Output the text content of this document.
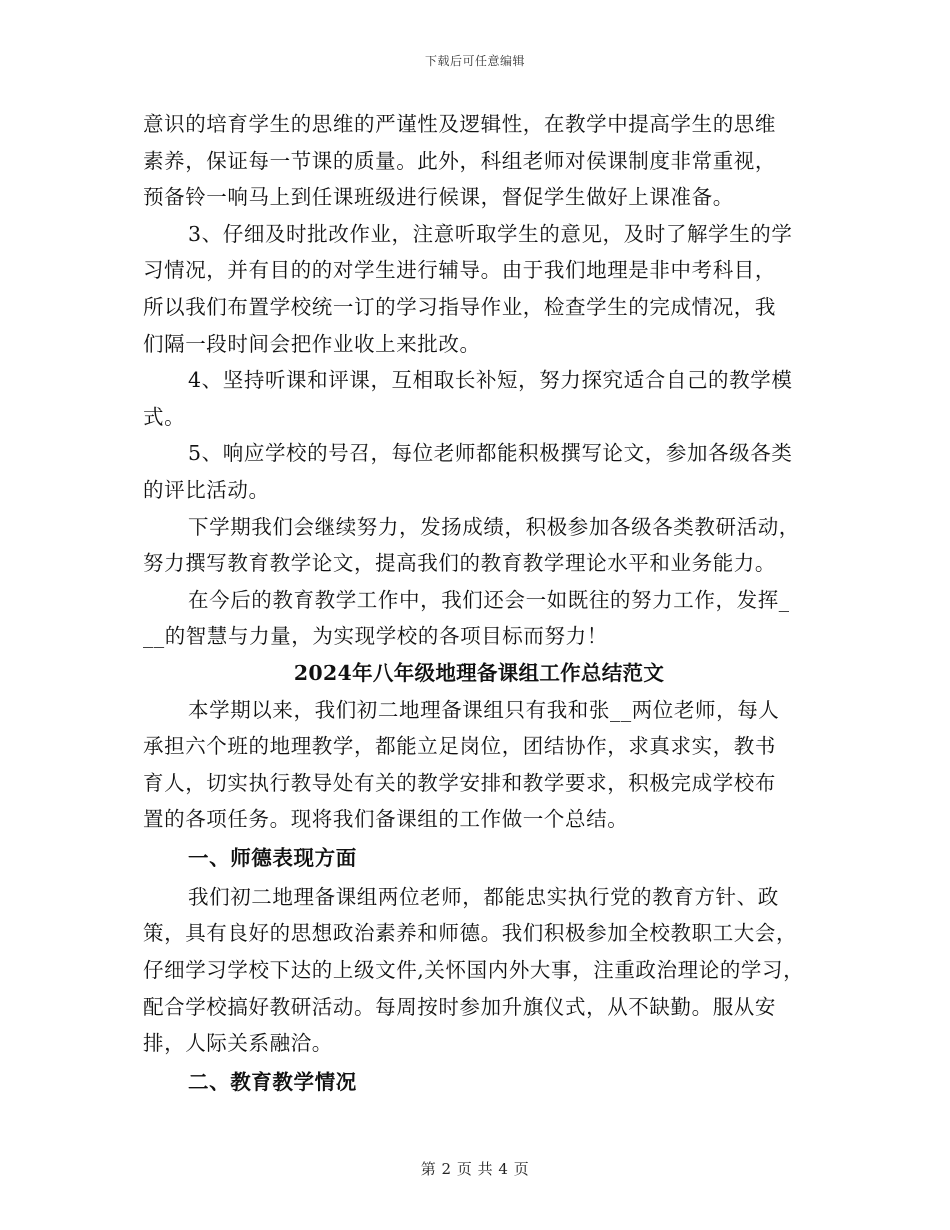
下载后可任意编辑
意识的培育学生的思维的严谨性及逻辑性，在教学中提高学生的思维
素养，保证每一节课的质量。此外，科组老师对侯课制度非常重视，
预备铃一响马上到任课班级进行候课，督促学生做好上课准备。
3、仔细及时批改作业，注意听取学生的意见，及时了解学生的学
习情况，并有目的的对学生进行辅导。由于我们地理是非中考科目，
所以我们布置学校统一订的学习指导作业，检查学生的完成情况，我
们隔一段时间会把作业收上来批改。
4、坚持听课和评课，互相取长补短，努力探究适合自己的教学模
式。
5、响应学校的号召，每位老师都能积极撰写论文，参加各级各类
的评比活动。
下学期我们会继续努力，发扬成绩，积极参加各级各类教研活动，
努力撰写教育教学论文，提高我们的教育教学理论水平和业务能力。
在今后的教育教学工作中，我们还会一如既往的努力工作，发挥_
__的智慧与力量，为实现学校的各项目标而努力！
2024年八年级地理备课组工作总结范文
本学期以来，我们初二地理备课组只有我和张__两位老师，每人
承担六个班的地理教学，都能立足岗位，团结协作，求真求实，教书
育人，切实执行教导处有关的教学安排和教学要求，积极完成学校布
置的各项任务。现将我们备课组的工作做一个总结。
一、师德表现方面
我们初二地理备课组两位老师，都能忠实执行党的教育方针、政
策，具有良好的思想政治素养和师德。我们积极参加全校教职工大会，
仔细学习学校下达的上级文件,关怀国内外大事，注重政治理论的学习，
配合学校搞好教研活动。每周按时参加升旗仪式，从不缺勤。服从安
排，人际关系融洽。
二、教育教学情况
第 2 页 共 4 页
